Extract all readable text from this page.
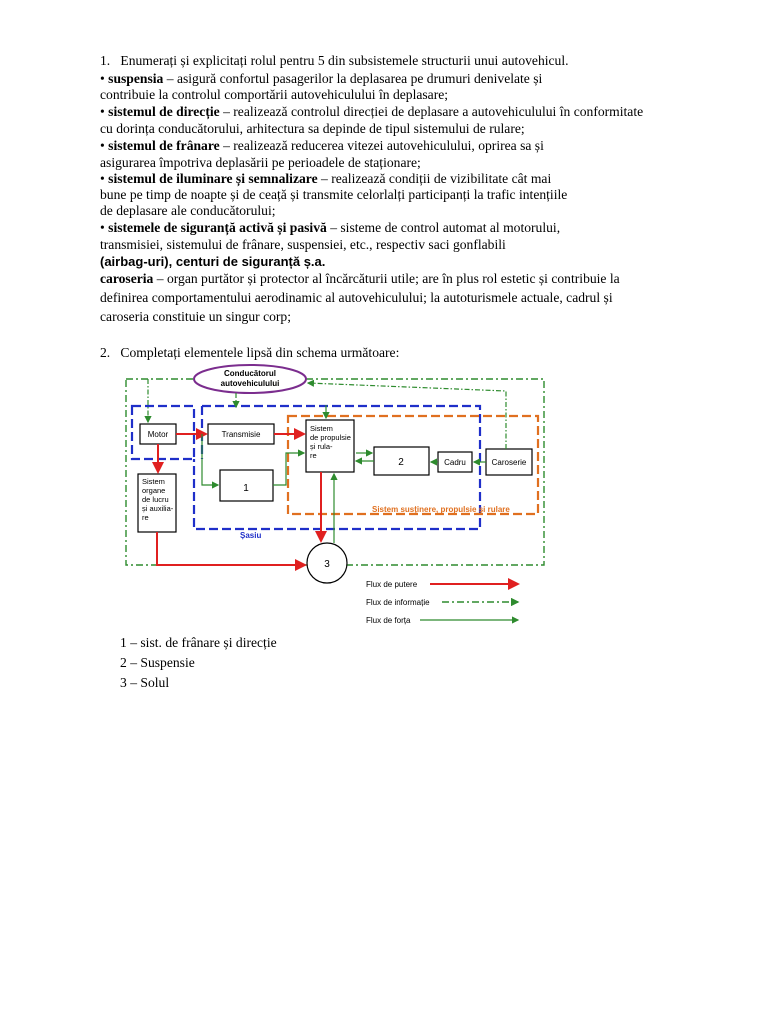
1. Enumerați și explicitați rolul pentru 5 din subsistemele structurii unui autovehicul.
• suspensia – asigură confortul pasagerilor la deplasarea pe drumuri denivelate și
contribuie la controlul comportării autovehiculului în deplasare;
• sistemul de direcție – realizează controlul direcției de deplasare a autovehiculului în conformitate
cu dorința conducătorului, arhitectura sa depinde de tipul sistemului de rulare;
• sistemul de frânare – realizează reducerea vitezei autovehiculului, oprirea sa și
asigurarea împotriva deplasării pe perioadele de staționare;
• sistemul de iluminare și semnalizare – realizează condiții de vizibilitate cât mai
bune pe timp de noapte și de ceață și transmite celorlalți participanți la trafic intențiile
de deplasare ale conducătorului;
• sistemele de siguranță activă și pasivă – sisteme de control automat al motorului,
transmisiei, sistemului de frânare, suspensiei, etc., respectiv saci gonflabili
(airbag-uri), centuri de siguranță ș.a.
caroseria – organ purtător și protector al încărcăturii utile; are în plus rol estetic și contribuie la
definirea comportamentului aerodinamic al autovehiculului; la autoturismele actuale, cadrul și
caroseria constituie un singur corp;
2. Completați elementele lipsă din schema următoare:
Conducătorul
autovehiculului
Motor	Transmisie
Sistem
de propulsie
și rula-
re
2	Cadru	Caroserie
1
Sistem
organe
de lucru
și auxilia-
re
Sistem susținere, propulsie și rulare
Șasiu
3
Flux de putere
Flux de informație
Flux de forța
1 – sist. de frânare și direcție
2 – Suspensie
3 – Solul
